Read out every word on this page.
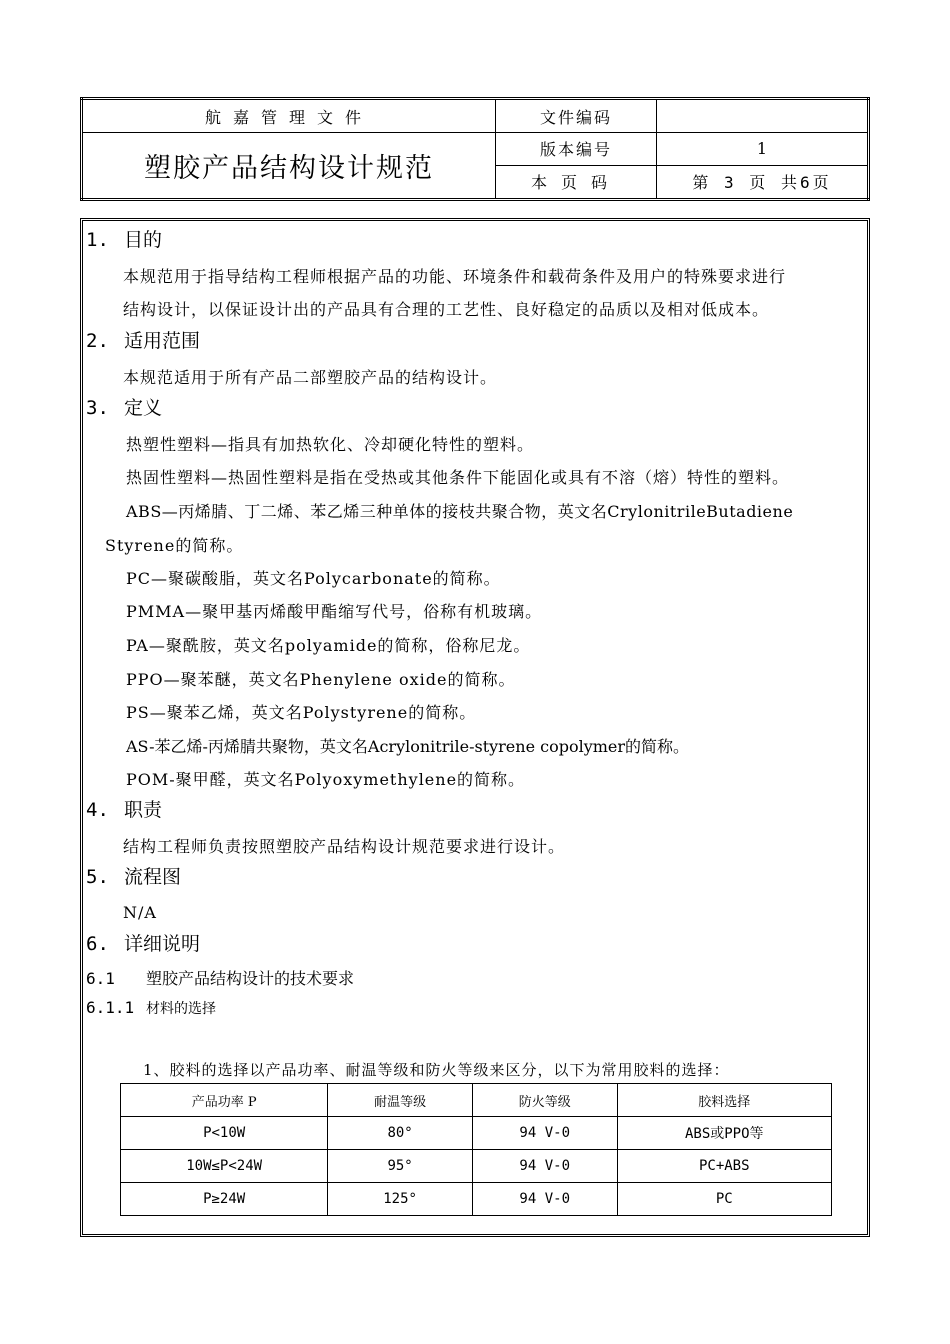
航嘉管理文件	文件编码	
塑胶产品结构设计规范	版本编号	1
	本页码	第 3 页 共6页
1. 目的
本规范用于指导结构工程师根据产品的功能、环境条件和载荷条件及用户的特殊要求进行
结构设计，以保证设计出的产品具有合理的工艺性、良好稳定的品质以及相对低成本。
2. 适用范围
本规范适用于所有产品二部塑胶产品的结构设计。
3. 定义
热塑性塑料—指具有加热软化、冷却硬化特性的塑料。
热固性塑料—热固性塑料是指在受热或其他条件下能固化或具有不溶（熔）特性的塑料。
ABS—丙烯腈、丁二烯、苯乙烯三种单体的接枝共聚合物，英文名CrylonitrileButadiene
Styrene的简称。
PC—聚碳酸脂，英文名Polycarbonate的简称。
PMMA—聚甲基丙烯酸甲酯缩写代号，俗称有机玻璃。
PA—聚酰胺，英文名polyamide的简称，俗称尼龙。
PPO—聚苯醚，英文名Phenylene oxide的简称。
PS—聚苯乙烯，英文名Polystyrene的简称。
AS-苯乙烯-丙烯腈共聚物，英文名Acrylonitrile-styrene copolymer的简称。
POM-聚甲醛，英文名Polyoxymethylene的简称。
4. 职责
结构工程师负责按照塑胶产品结构设计规范要求进行设计。
5. 流程图
N/A
6. 详细说明
6.1 塑胶产品结构设计的技术要求
6.1.1 材料的选择
1、胶料的选择以产品功率、耐温等级和防火等级来区分，以下为常用胶料的选择：
产品功率 P	耐温等级	防火等级	胶料选择
P<10W	80°	94 V-0	ABS或PPO等
10W≤P<24W	95°	94 V-0	PC+ABS
P≥24W	125°	94 V-0	PC
